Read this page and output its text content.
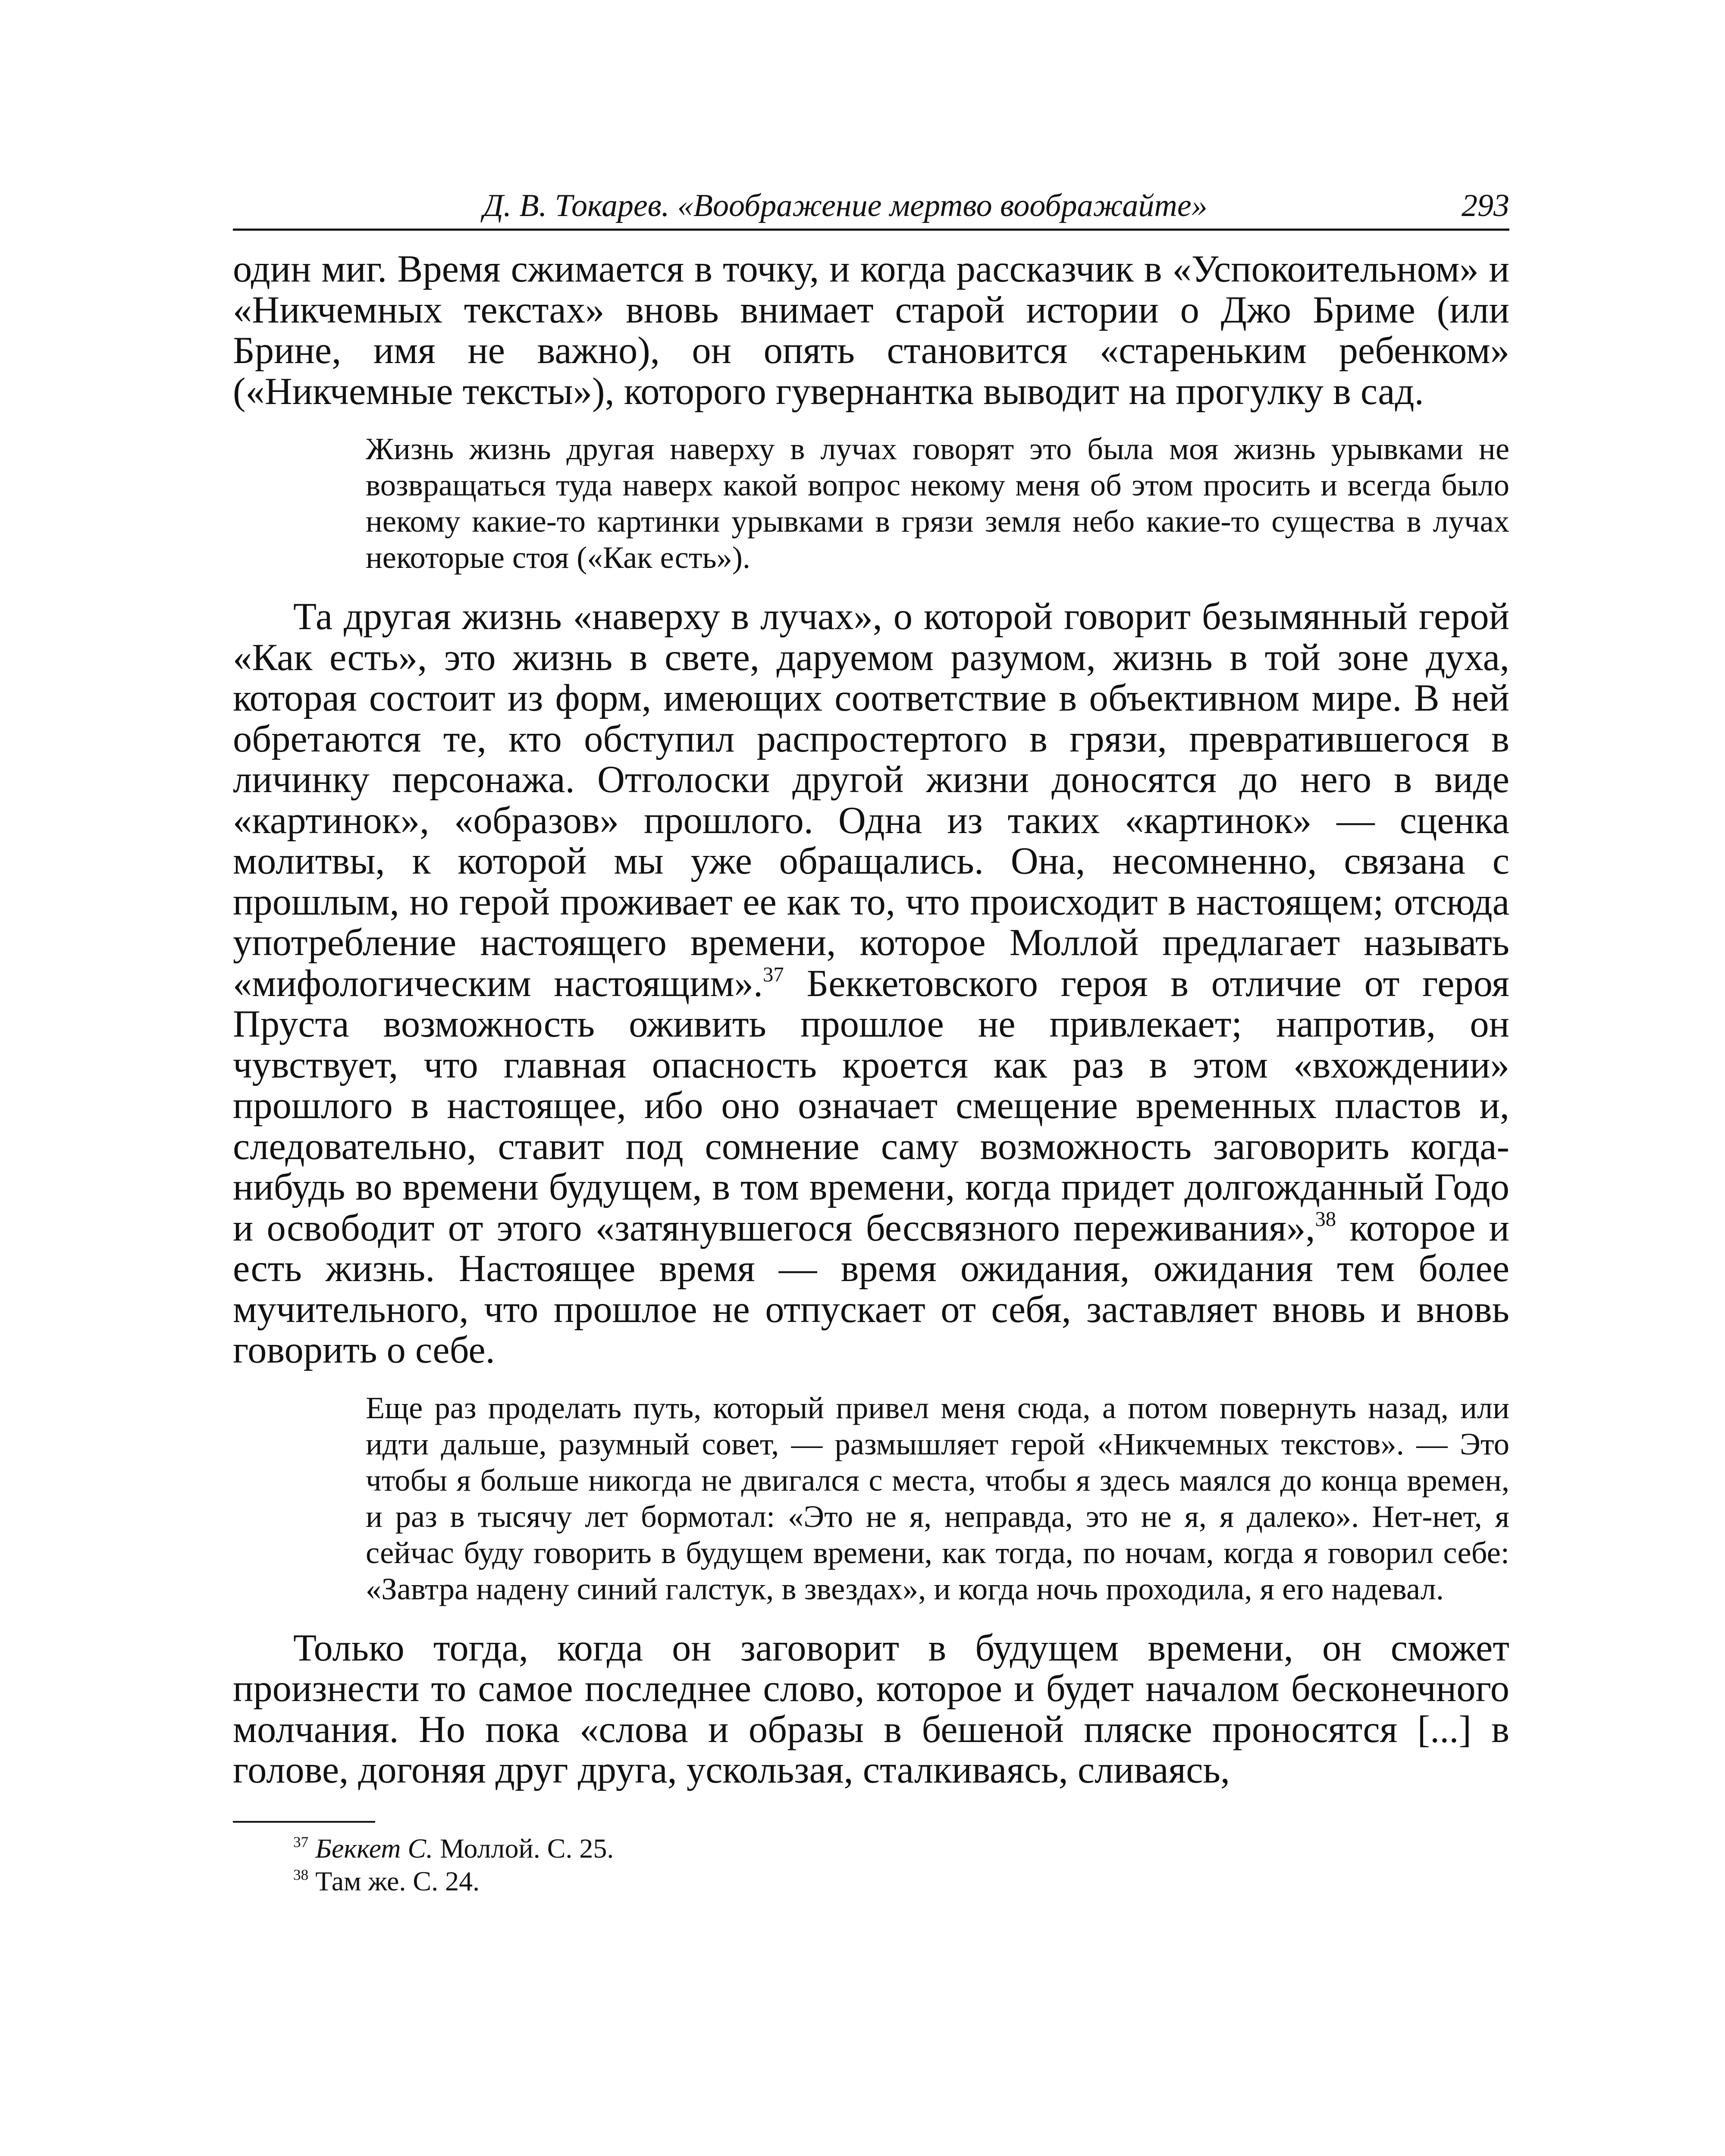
Д. В. Токарев. «Воображение мертво воображайте»	293

один миг. Время сжимается в точку, и когда рассказчик в «Успокоительном» и «Никчемных текстах» вновь внимает старой истории о Джо Бриме (или Брине, имя не важно), он опять становится «стареньким ребенком» («Никчемные тексты»), которого гувернантка выводит на прогулку в сад.

Жизнь жизнь другая наверху в лучах говорят это была моя жизнь урывками не возвращаться туда наверх какой вопрос некому меня об этом просить и всегда было некому какие-то картинки урывками в грязи земля небо какие-то существа в лучах некоторые стоя («Как есть»).

Та другая жизнь «наверху в лучах», о которой говорит безымянный герой «Как есть», это жизнь в свете, даруемом разумом, жизнь в той зоне духа, которая состоит из форм, имеющих соответствие в объективном мире. В ней обретаются те, кто обступил распростертого в грязи, превратившегося в личинку персонажа. Отголоски другой жизни доносятся до него в виде «картинок», «образов» прошлого. Одна из таких «картинок» — сценка молитвы, к которой мы уже обращались. Она, несомненно, связана с прошлым, но герой проживает ее как то, что происходит в настоящем; отсюда употребление настоящего времени, которое Моллой предлагает называть «мифологическим настоящим».$^{37}$ Беккетовского героя в отличие от героя Пруста возможность оживить прошлое не привлекает; напротив, он чувствует, что главная опасность кроется как раз в этом «вхождении» прошлого в настоящее, ибо оно означает смещение временных пластов и, следовательно, ставит под сомнение саму возможность заговорить когда-нибудь во времени будущем, в том времени, когда придет долгожданный Годо и освободит от этого «затянувшегося бессвязного переживания»,$^{38}$ которое и есть жизнь. Настоящее время — время ожидания, ожидания тем более мучительного, что прошлое не отпускает от себя, заставляет вновь и вновь говорить о себе.

Еще раз проделать путь, который привел меня сюда, а потом повернуть назад, или идти дальше, разумный совет, — размышляет герой «Никчемных текстов». — Это чтобы я больше никогда не двигался с места, чтобы я здесь маялся до конца времен, и раз в тысячу лет бормотал: «Это не я, неправда, это не я, я далеко». Нет-нет, я сейчас буду говорить в будущем времени, как тогда, по ночам, когда я говорил себе: «Завтра надену синий галстук, в звездах», и когда ночь проходила, я его надевал.

Только тогда, когда он заговорит в будущем времени, он сможет произнести то самое последнее слово, которое и будет началом бесконечного молчания. Но пока «слова и образы в бешеной пляске проносятся [...] в голове, догоняя друг друга, ускользая, сталкиваясь, сливаясь,

$^{37}$ Беккет С. Моллой. С. 25.

$^{38}$ Там же. С. 24.
